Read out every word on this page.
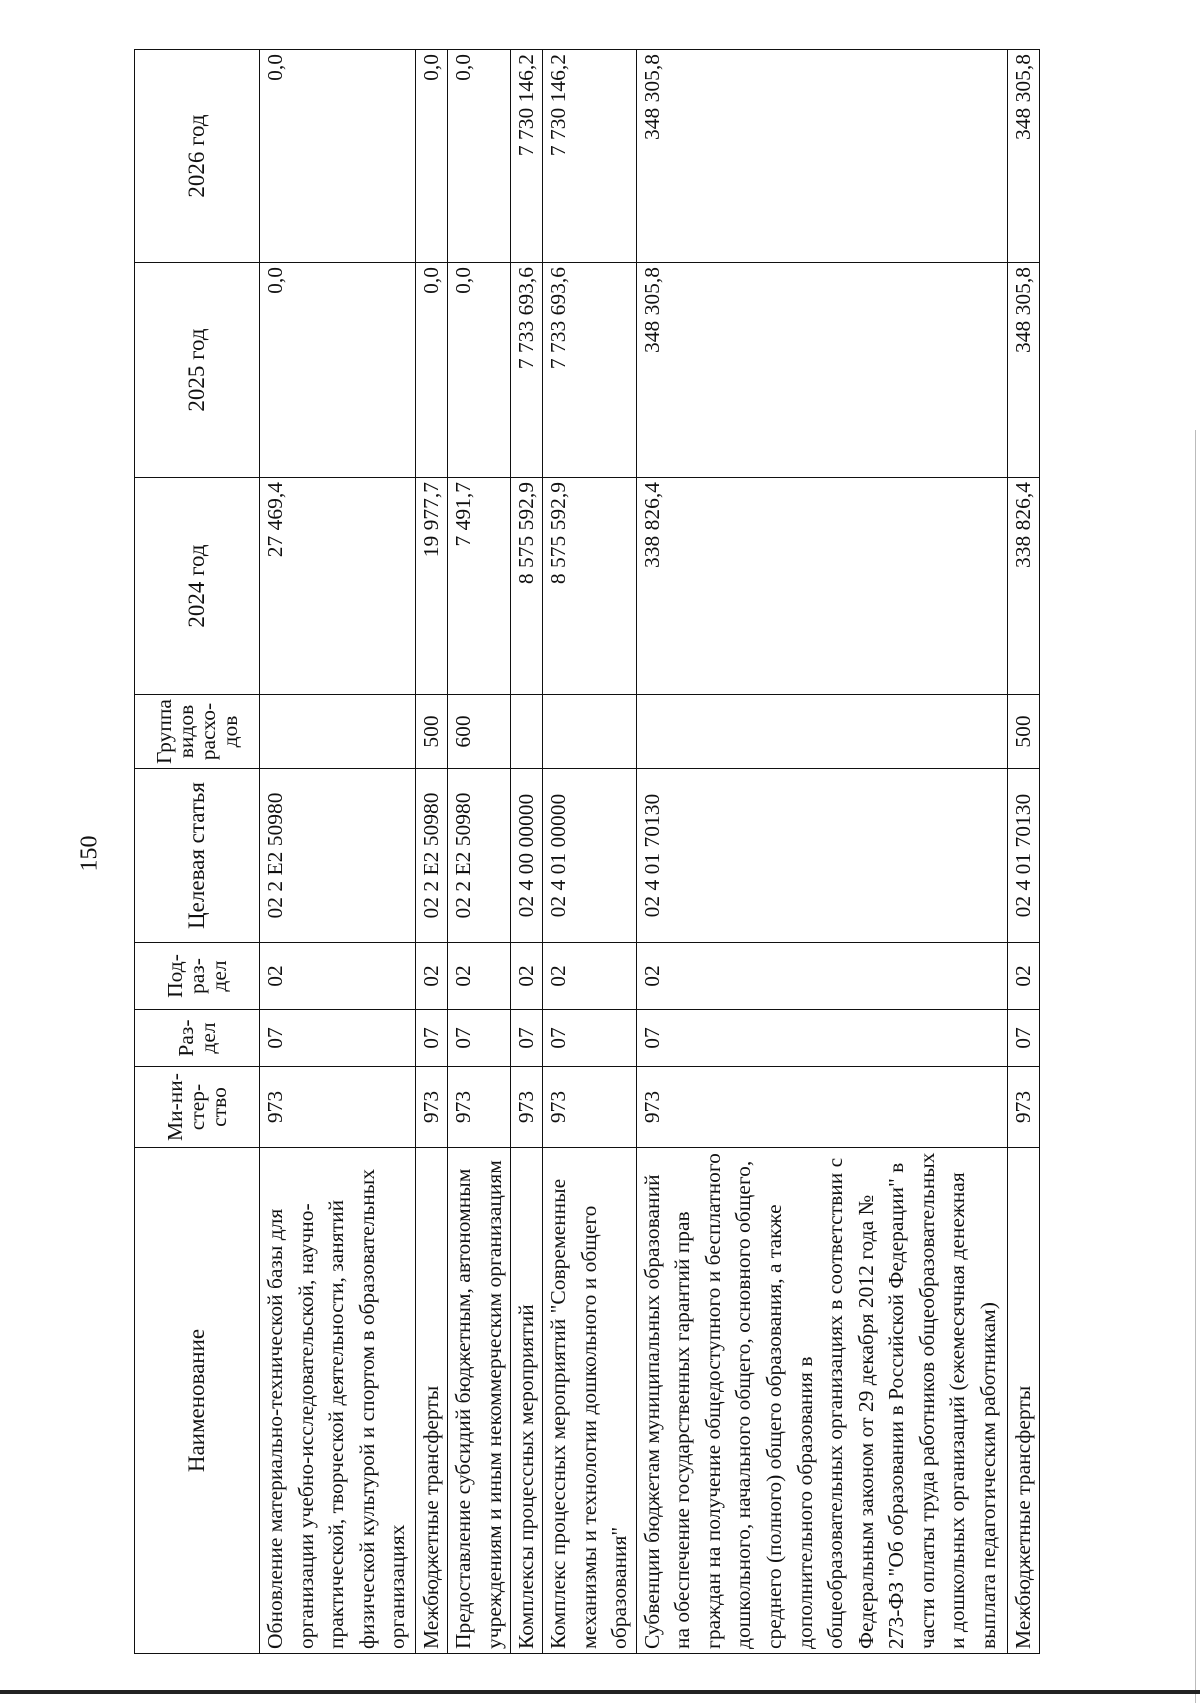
150
Наименование	Ми-ни-стер-ство	Раз-дел	Под-раз-дел	Целевая статья	Группа видов расхо-дов	2024 год	2025 год	2026 год
Обновление материально-технической базы для организации учебно-исследовательской, научно-практической, творческой деятельности, занятий физической культурой и спортом в образовательных организациях	973	07	02	02 2 Е2 50980		27 469,4	0,0	0,0
Межбюджетные трансферты	973	07	02	02 2 Е2 50980	500	19 977,7	0,0	0,0
Предоставление субсидий бюджетным, автономным учреждениям и иным некоммерческим организациям	973	07	02	02 2 Е2 50980	600	7 491,7	0,0	0,0
Комплексы процессных мероприятий	973	07	02	02 4 00 00000		8 575 592,9	7 733 693,6	7 730 146,2
Комплекс процессных мероприятий "Современные механизмы и технологии дошкольного и общего образования"	973	07	02	02 4 01 00000		8 575 592,9	7 733 693,6	7 730 146,2
Субвенции бюджетам муниципальных образований на обеспечение государственных гарантий прав граждан на получение общедоступного и бесплатного дошкольного, начального общего, основного общего, среднего (полного) общего образования, а также дополнительного образования в общеобразовательных организациях в соответствии с Федеральным законом от 29 декабря 2012 года № 273-ФЗ "Об образовании в Российской Федерации" в части оплаты труда работников общеобразовательных и дошкольных организаций (ежемесячная денежная выплата педагогическим работникам)	973	07	02	02 4 01 70130		338 826,4	348 305,8	348 305,8
Межбюджетные трансферты	973	07	02	02 4 01 70130	500	338 826,4	348 305,8	348 305,8
